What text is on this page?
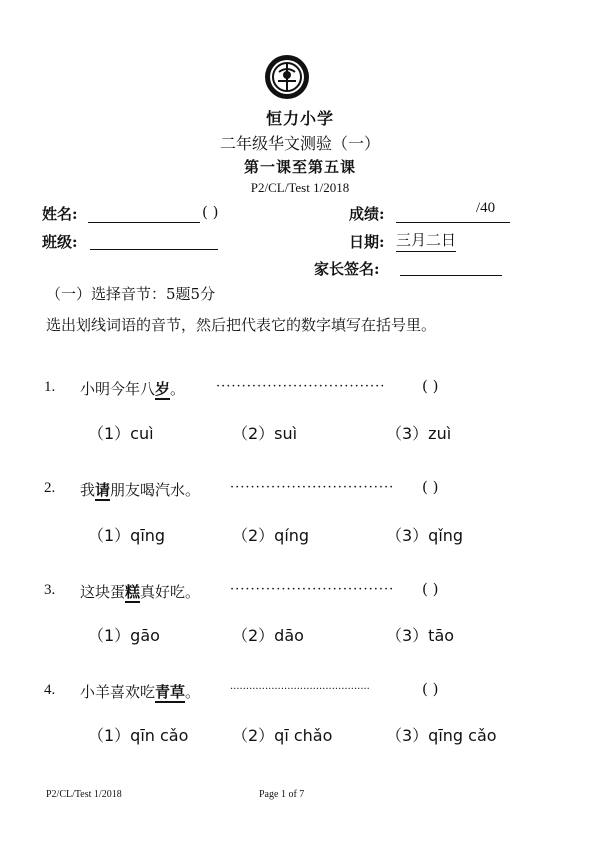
恒力小学
二年级华文测验（一）
第一课至第五课
P2/CL/Test 1/2018
姓名:	( )	成绩:	/40
班级:	日期: 三月二日
家长签名:
（一）选择音节：5题5分
选出划线词语的音节，然后把代表它的数字填写在括号里。
1. 小明今年八岁。 ································· ( )
（1）cuì	（2）suì	（3）zuì
2. 我请朋友喝汽水。 ································ ( )
（1）qīng	（2）qíng	（3）qǐng
3. 这块蛋糕真好吃。 ································ ( )
（1）gāo	（2）dāo	（3）tāo
4. 小羊喜欢吃青草。	············································	( )
（1）qīn cǎo	（2）qī chǎo	（3）qīng cǎo
P2/CL/Test 1/2018	Page 1 of 7
